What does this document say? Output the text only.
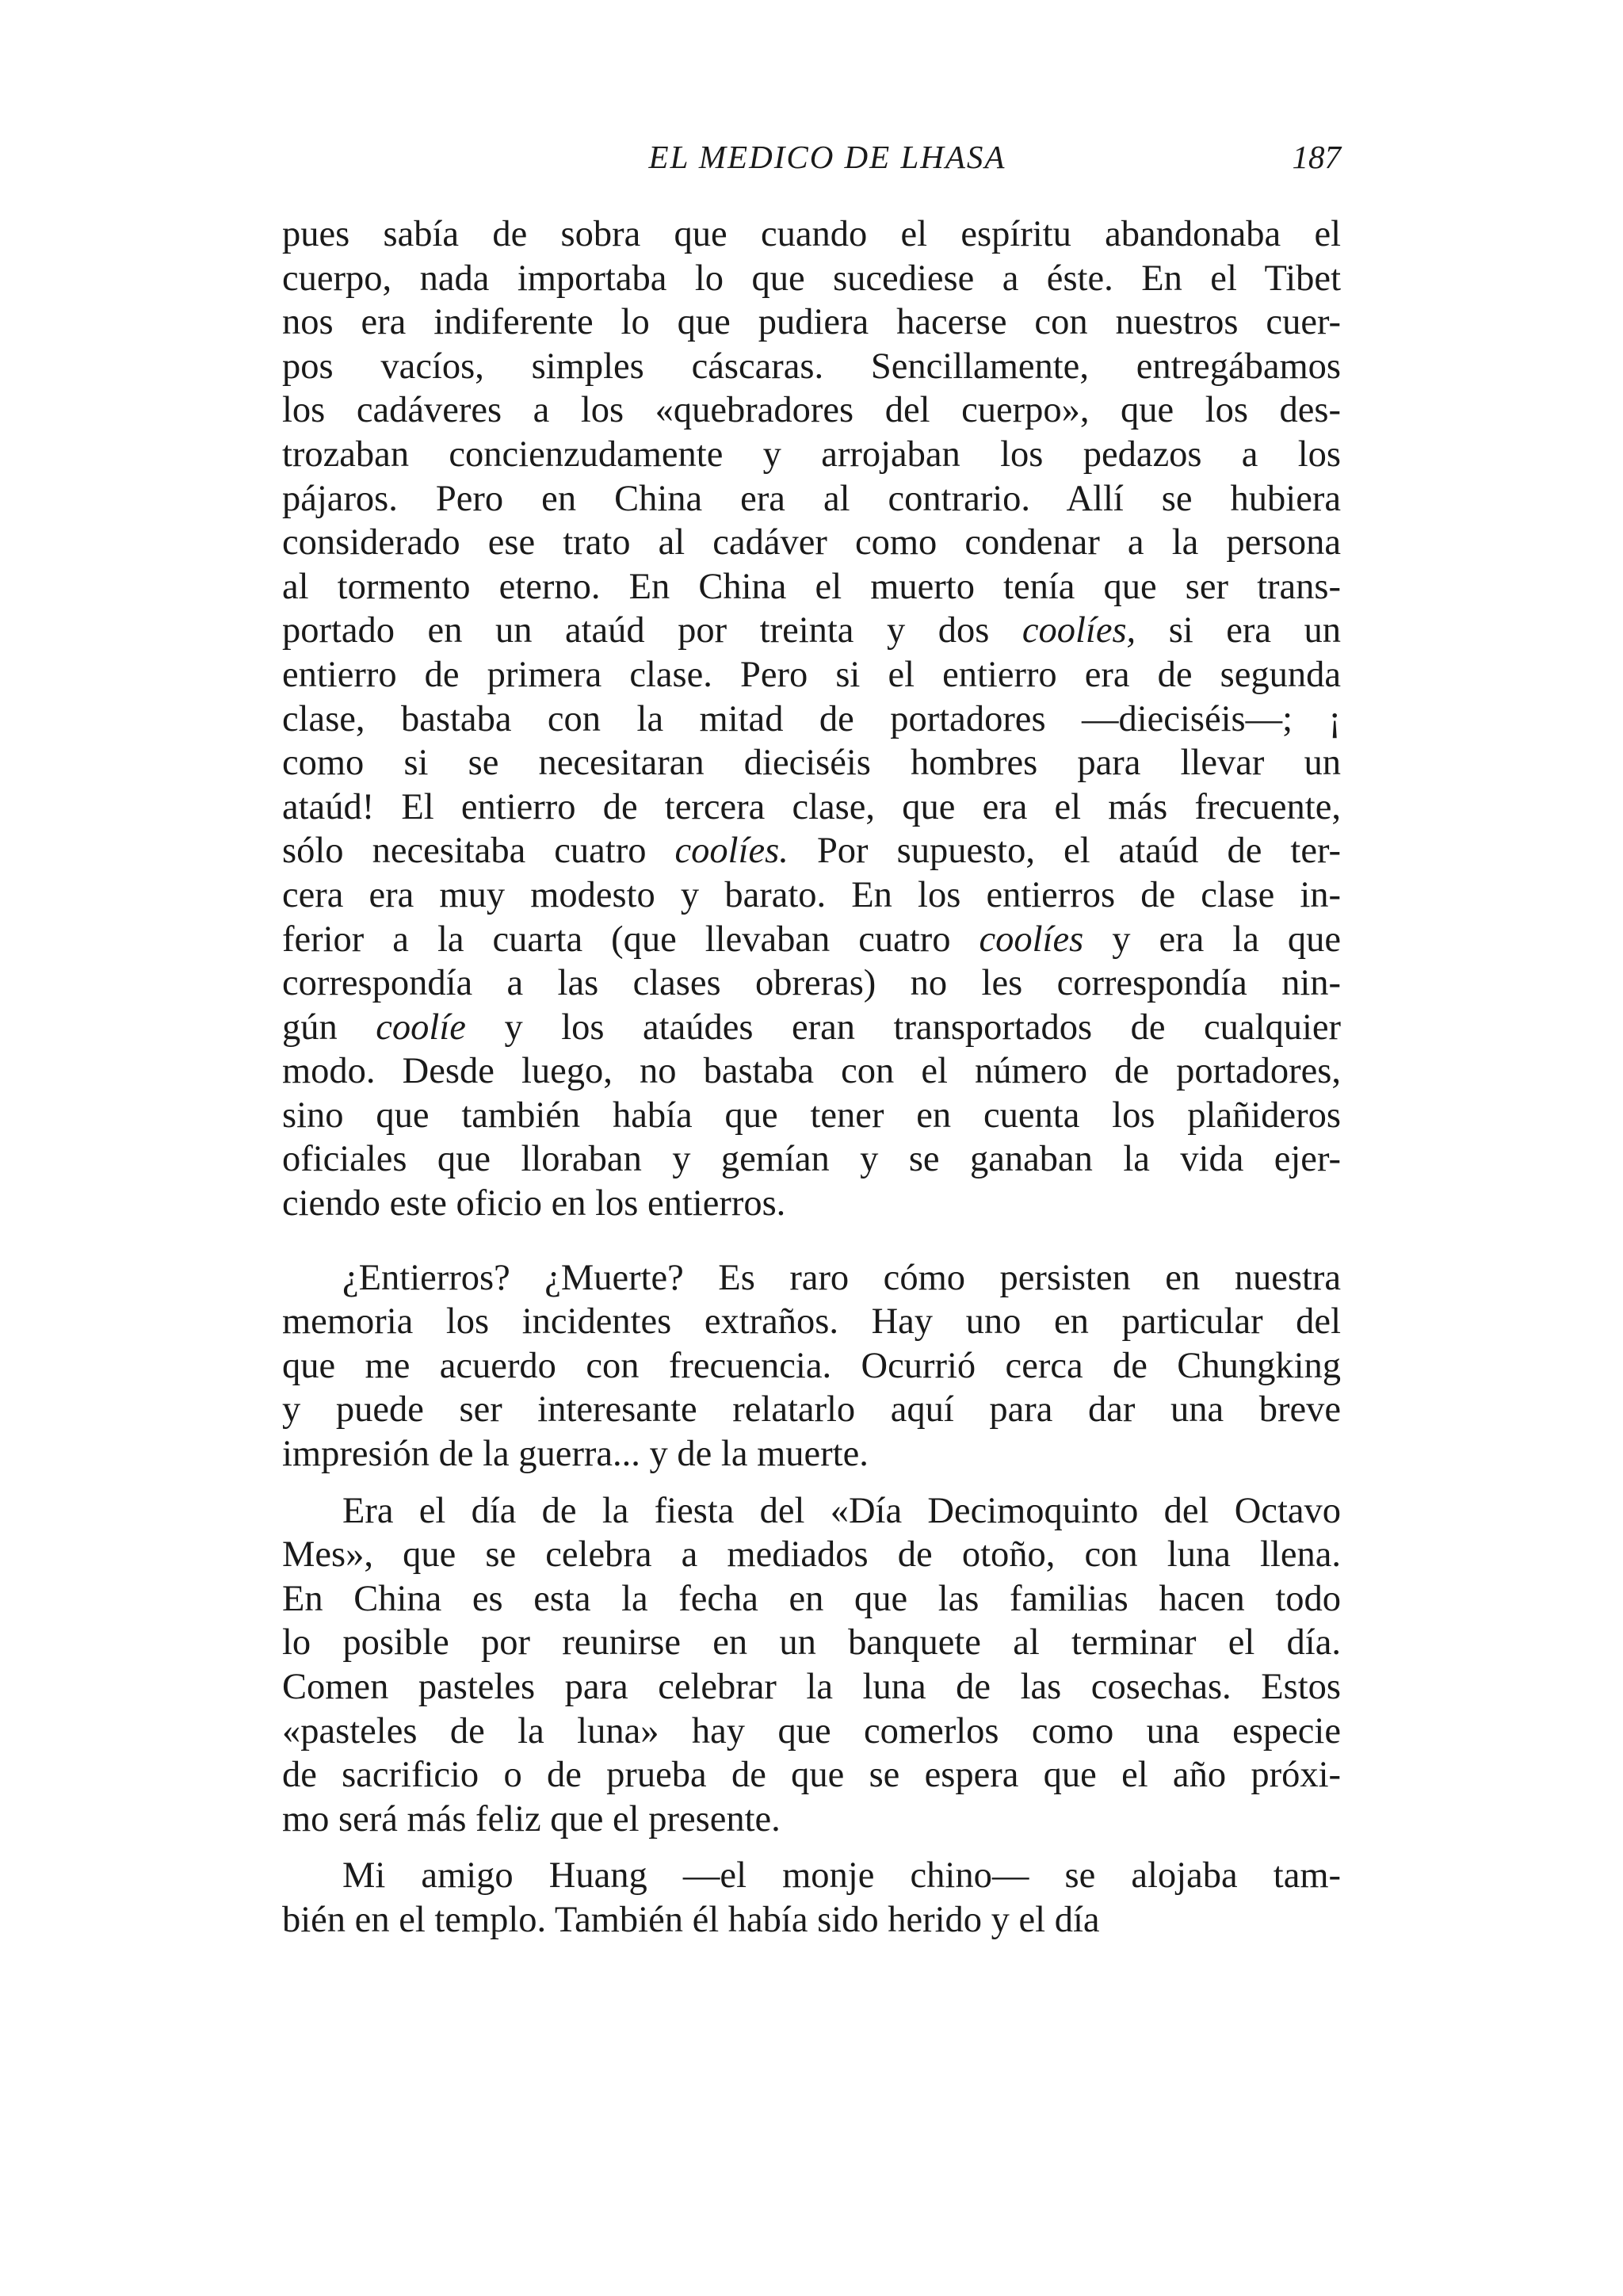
EL MEDICO DE LHASA	187
pues sabía de sobra que cuando el espíritu abandonaba el
cuerpo, nada importaba lo que sucediese a éste. En el Tibet
nos era indiferente lo que pudiera hacerse con nuestros cuer-
pos vacíos, simples cáscaras. Sencillamente, entregábamos
los cadáveres a los «quebradores del cuerpo», que los des-
trozaban concienzudamente y arrojaban los pedazos a los
pájaros. Pero en China era al contrario. Allí se hubiera
considerado ese trato al cadáver como condenar a la persona
al tormento eterno. En China el muerto tenía que ser trans-
portado en un ataúd por treinta y dos coolíes, si era un
entierro de primera clase. Pero si el entierro era de segunda
clase, bastaba con la mitad de portadores —dieciséis—; ¡
como si se necesitaran dieciséis hombres para llevar un
ataúd! El entierro de tercera clase, que era el más frecuente,
sólo necesitaba cuatro coolíes. Por supuesto, el ataúd de ter-
cera era muy modesto y barato. En los entierros de clase in-
ferior a la cuarta (que llevaban cuatro coolíes y era la que
correspondía a las clases obreras) no les correspondía nin-
gún coolíe y los ataúdes eran transportados de cualquier
modo. Desde luego, no bastaba con el número de portadores,
sino que también había que tener en cuenta los plañideros
oficiales que lloraban y gemían y se ganaban la vida ejer-
ciendo este oficio en los entierros.
¿Entierros? ¿Muerte? Es raro cómo persisten en nuestra
memoria los incidentes extraños. Hay uno en particular del
que me acuerdo con frecuencia. Ocurrió cerca de Chungking
y puede ser interesante relatarlo aquí para dar una breve
impresión de la guerra... y de la muerte.
Era el día de la fiesta del «Día Decimoquinto del Octavo
Mes», que se celebra a mediados de otoño, con luna llena.
En China es esta la fecha en que las familias hacen todo
lo posible por reunirse en un banquete al terminar el día.
Comen pasteles para celebrar la luna de las cosechas. Estos
«pasteles de la luna» hay que comerlos como una especie
de sacrificio o de prueba de que se espera que el año próxi-
mo será más feliz que el presente.
Mi amigo Huang —el monje chino— se alojaba tam-
bién en el templo. También él había sido herido y el día
